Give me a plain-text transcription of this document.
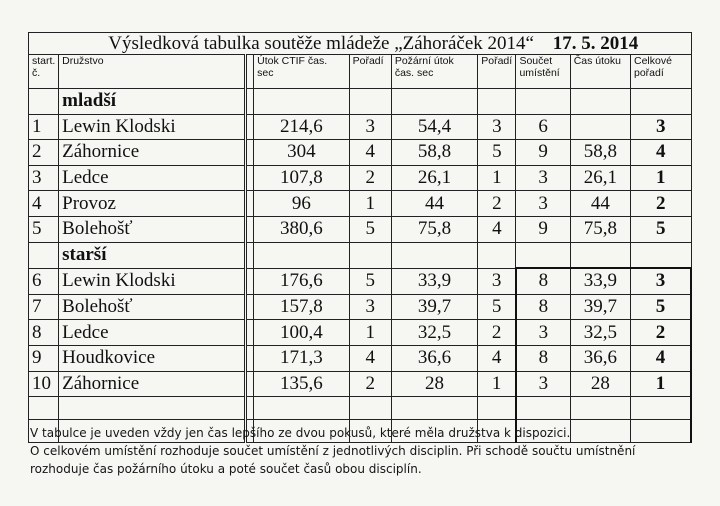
Výsledková tabulka soutěže mládeže „Záhoráček 2014“ 17. 5. 2014									
start. č.	Družstvo		Útok CTIF čas. sec	Pořadí	Požární útok čas. sec	Pořadí	Součet umístění	Čas útoku	Celkové pořadí
	mladší								
1	Lewin Klodski		214,6	3	54,4	3	6		3
2	Záhornice		304	4	58,8	5	9	58,8	4
3	Ledce		107,8	2	26,1	1	3	26,1	1
4	Provoz		96	1	44	2	3	44	2
5	Bolehošť		380,6	5	75,8	4	9	75,8	5
	starší								
6	Lewin Klodski		176,6	5	33,9	3	8	33,9	3
7	Bolehošť		157,8	3	39,7	5	8	39,7	5
8	Ledce		100,4	1	32,5	2	3	32,5	2
9	Houdkovice		171,3	4	36,6	4	8	36,6	4
10	Záhornice		135,6	2	28	1	3	28	1

V tabulce je uveden vždy jen čas lepšího ze dvou pokusů, které měla družstva k dispozici.

O celkovém umístění rozhoduje součet umístění z jednotlivých disciplin. Při schodě součtu umístnění

rozhoduje čas požárního útoku a poté součet časů obou disciplín.
